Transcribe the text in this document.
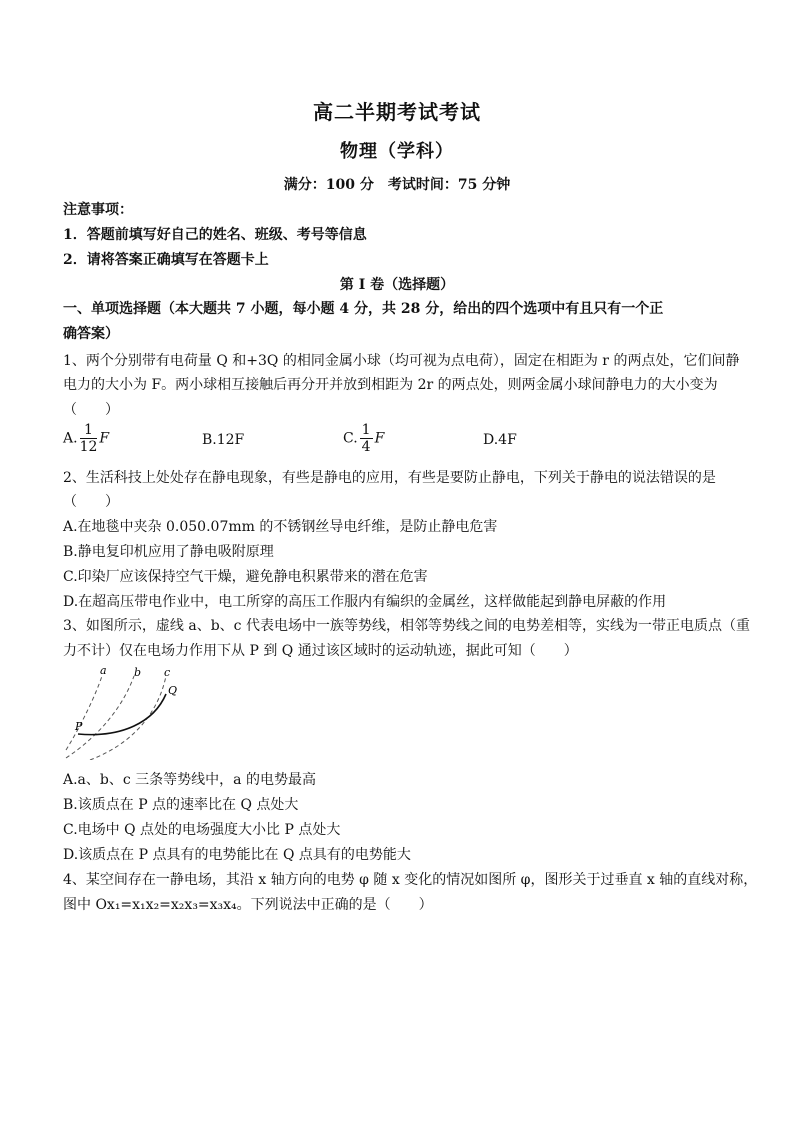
高二半期考试考试
物理（学科）
满分：100 分　考试时间：75 分钟
注意事项：
1．答题前填写好自己的姓名、班级、考号等信息
2．请将答案正确填写在答题卡上
第 I 卷（选择题）
一、单项选择题（本大题共 7 小题，每小题 4 分，共 28 分，给出的四个选项中有且只有一个正
确答案）
1、两个分别带有电荷量 Q 和+3Q 的相同金属小球（均可视为点电荷），固定在相距为 r 的两点处，它们间静
电力的大小为 F。两小球相互接触后再分开并放到相距为 2r 的两点处，则两金属小球间静电力的大小变为
（　　）
A. $\frac{1}{12}$ F	B.12F	C. $\frac{1}{4}$ F	D.4F
2、生活科技上处处存在静电现象，有些是静电的应用，有些是要防止静电，下列关于静电的说法错误的是
（　　）
A.在地毯中夹杂 0.050.07mm 的不锈钢丝导电纤维，是防止静电危害
B.静电复印机应用了静电吸附原理
C.印染厂应该保持空气干燥，避免静电积累带来的潜在危害
D.在超高压带电作业中，电工所穿的高压工作服内有编织的金属丝，这样做能起到静电屏蔽的作用
3、如图所示，虚线 a、b、c 代表电场中一族等势线，相邻等势线之间的电势差相等，实线为一带正电质点（重
力不计）仅在电场力作用下从 P 到 Q 通过该区域时的运动轨迹，据此可知（　　）
a b c
P
Q
A.a、b、c 三条等势线中，a 的电势最高
B.该质点在 P 点的速率比在 Q 点处大
C.电场中 Q 点处的电场强度大小比 P 点处大
D.该质点在 P 点具有的电势能比在 Q 点具有的电势能大
4、某空间存在一静电场，其沿 x 轴方向的电势 φ 随 x 变化的情况如图所 φ，图形关于过垂直 x 轴的直线对称，
图中 Ox₁=x₁x₂=x₂x₃=x₃x₄。下列说法中正确的是（　　）
